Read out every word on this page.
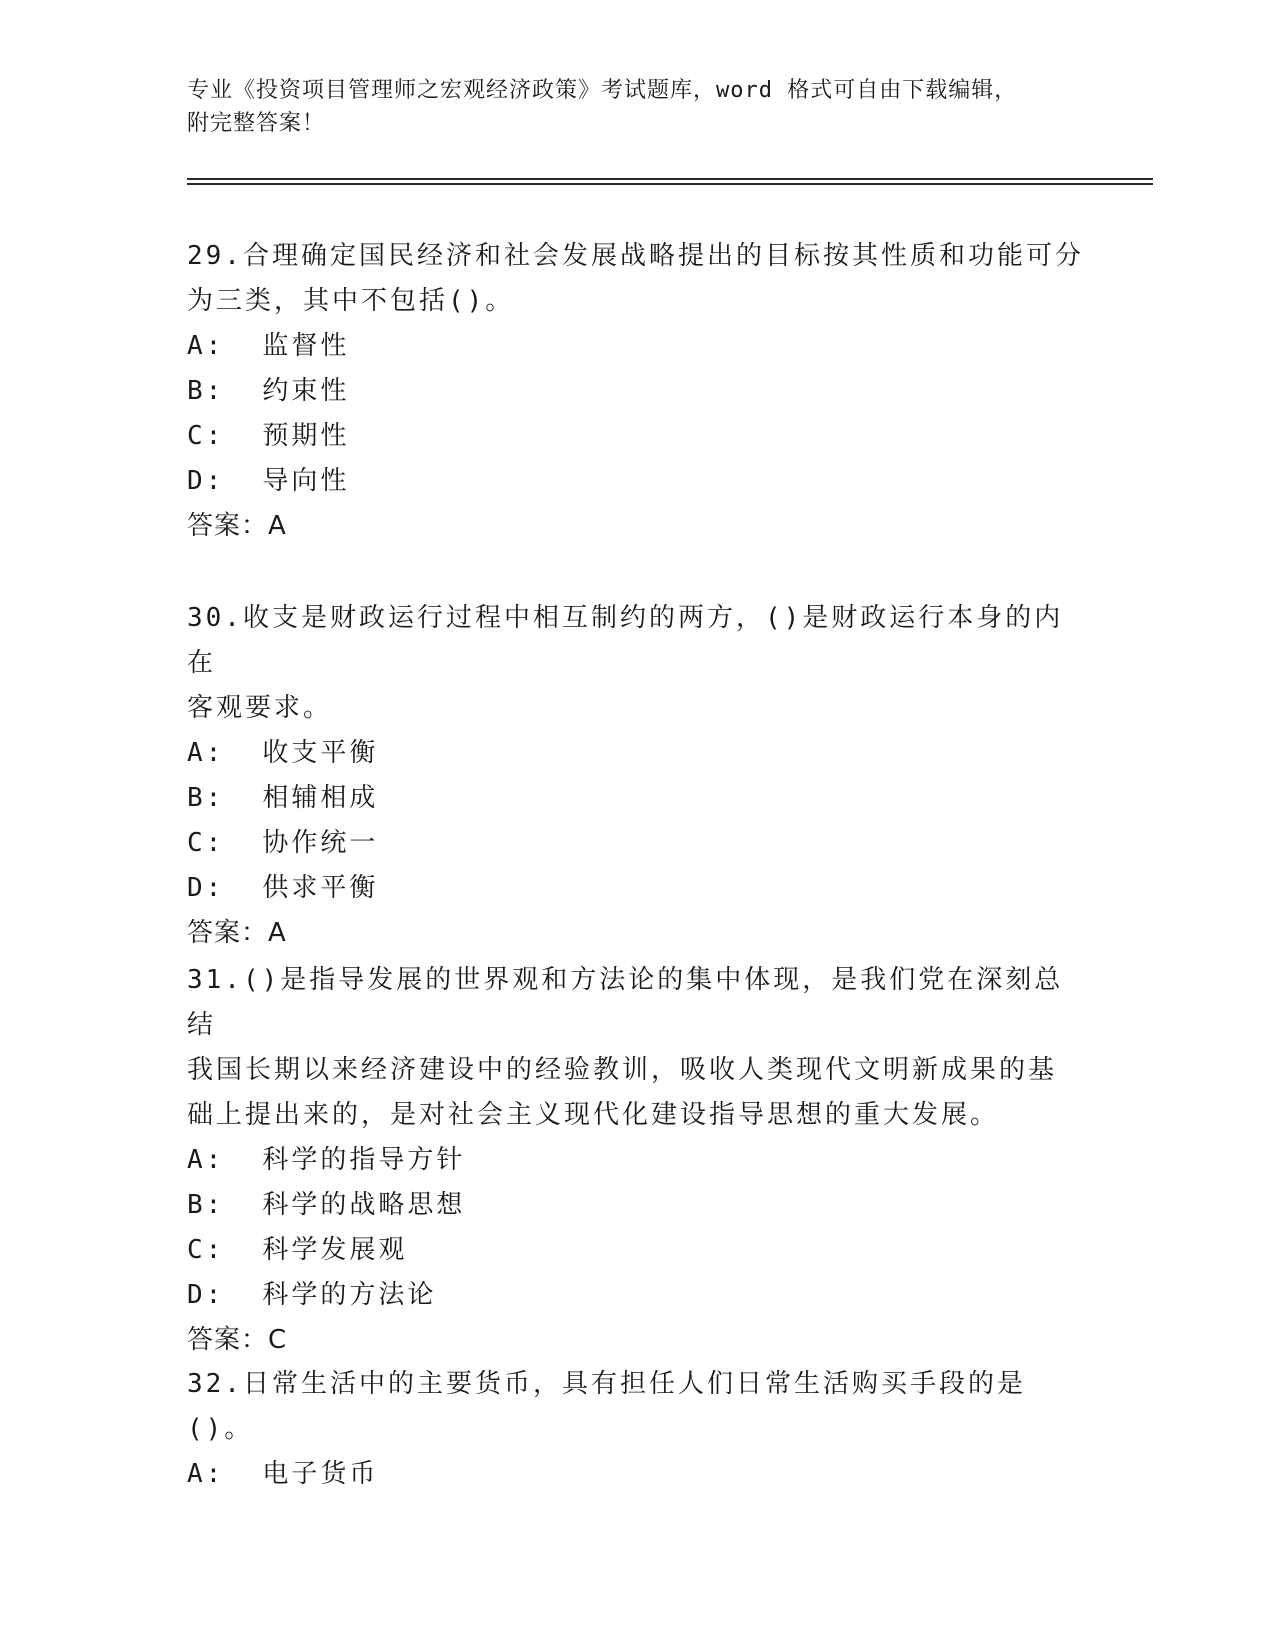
专业《投资项目管理师之宏观经济政策》考试题库，word 格式可自由下载编辑，
附完整答案！
29.合理确定国民经济和社会发展战略提出的目标按其性质和功能可分
为三类，其中不包括()。
A: 监督性
B: 约束性
C: 预期性
D: 导向性
答案：A
30.收支是财政运行过程中相互制约的两方，()是财政运行本身的内在
客观要求。
A: 收支平衡
B: 相辅相成
C: 协作统一
D: 供求平衡
答案：A
31.()是指导发展的世界观和方法论的集中体现，是我们党在深刻总结
我国长期以来经济建设中的经验教训，吸收人类现代文明新成果的基
础上提出来的，是对社会主义现代化建设指导思想的重大发展。
A: 科学的指导方针
B: 科学的战略思想
C: 科学发展观
D: 科学的方法论
答案：C
32.日常生活中的主要货币，具有担任人们日常生活购买手段的是()。
A: 电子货币
